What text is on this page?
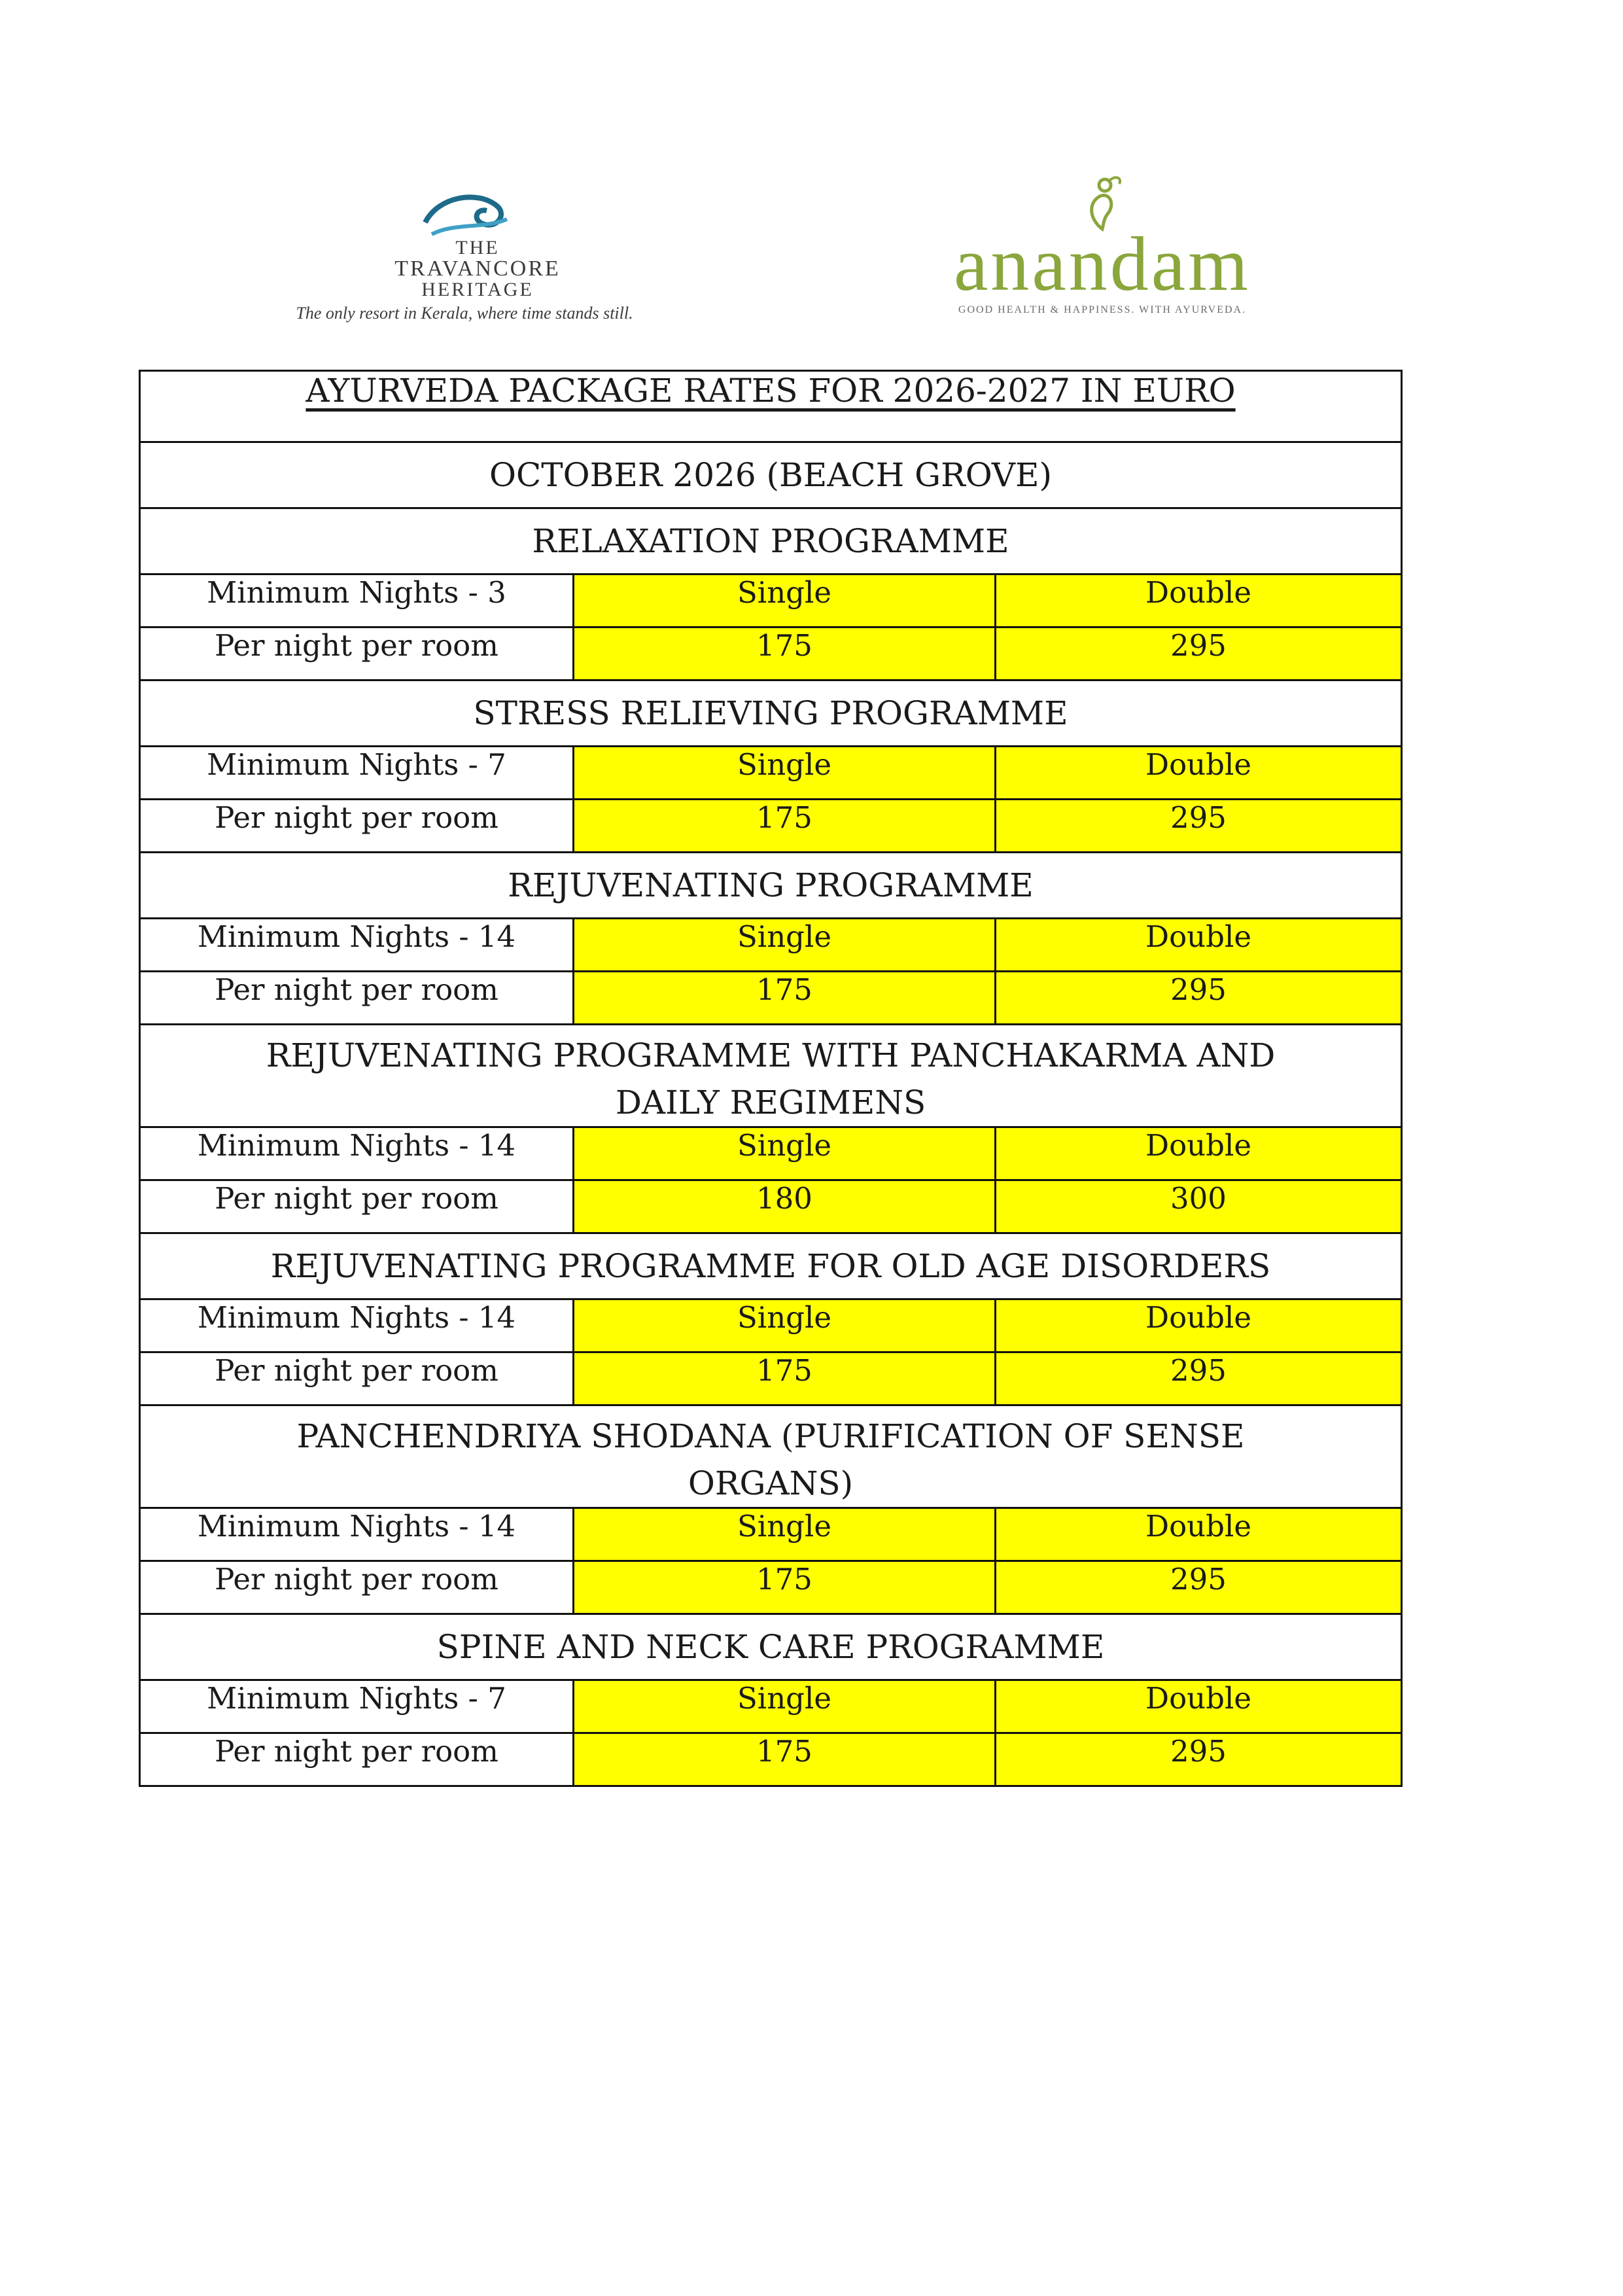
THE
TRAVANCORE
HERITAGE
The only resort in Kerala, where time stands still.
anandam
GOOD HEALTH & HAPPINESS. WITH AYURVEDA.
AYURVEDA PACKAGE RATES FOR 2026-2027 IN EURO		
OCTOBER 2026 (BEACH GROVE)		
RELAXATION PROGRAMME		
Minimum Nights - 3	Single	Double
Per night per room	175	295
STRESS RELIEVING PROGRAMME		
Minimum Nights - 7	Single	Double
Per night per room	175	295
REJUVENATING PROGRAMME		
Minimum Nights - 14	Single	Double
Per night per room	175	295

REJUVENATING PROGRAMME WITH PANCHAKARMA AND
DAILY REGIMENS		

Minimum Nights - 14	Single	Double
Per night per room	180	300
REJUVENATING PROGRAMME FOR OLD AGE DISORDERS		
Minimum Nights - 14	Single	Double
Per night per room	175	295

PANCHENDRIYA SHODANA (PURIFICATION OF SENSE
ORGANS)		

Minimum Nights - 14	Single	Double
Per night per room	175	295
SPINE AND NECK CARE PROGRAMME		
Minimum Nights - 7	Single	Double
Per night per room	175	295
